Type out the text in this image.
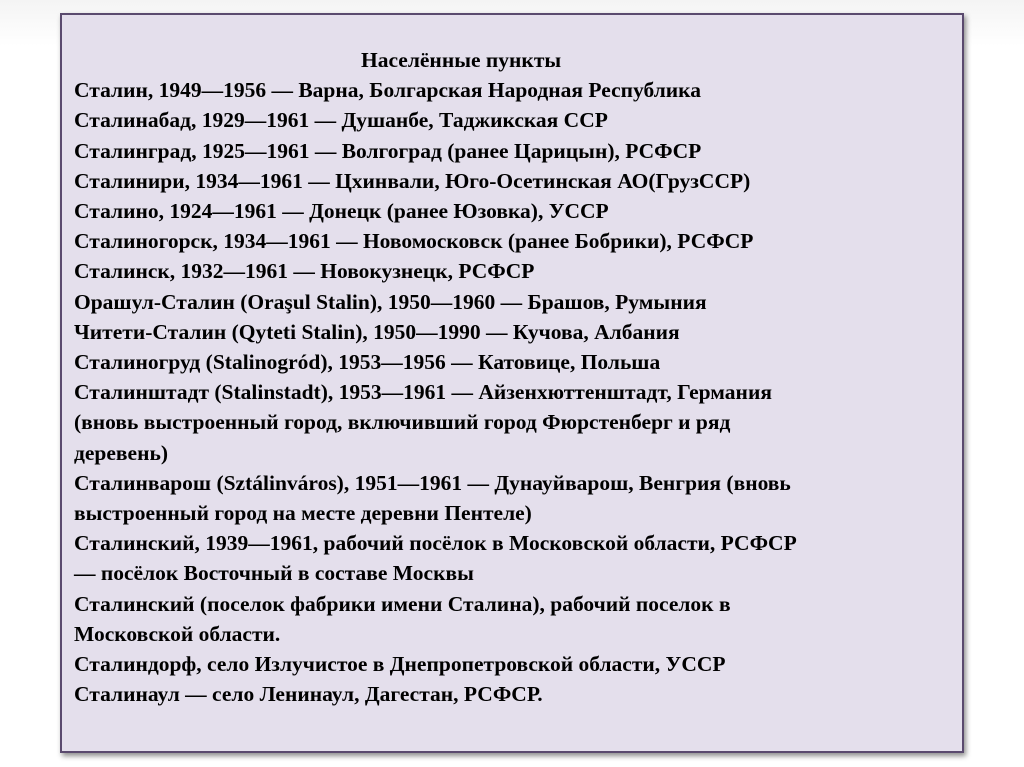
Населённые пункты
Сталин, 1949—1956 — Варна, Болгарская Народная Республика
Сталинабад, 1929—1961 — Душанбе, Таджикская ССР
Сталинград, 1925—1961 — Волгоград (ранее Царицын), РСФСР
Сталинири, 1934—1961 — Цхинвали, Юго-Осетинская АО(ГрузССР)
Сталино, 1924—1961 — Донецк (ранее Юзовка), УССР
Сталиногорск, 1934—1961 — Новомосковск (ранее Бобрики), РСФСР
Сталинск, 1932—1961 — Новокузнецк, РСФСР
Орашул-Сталин (Oraşul Stalin), 1950—1960 — Брашов, Румыния
Читети-Сталин (Qyteti Stalin), 1950—1990 — Кучова, Албания
Сталиногруд (Stalinogród), 1953—1956 — Катовице, Польша
Сталинштадт (Stalinstadt), 1953—1961 — Айзенхюттенштадт, Германия
(вновь выстроенный город, включивший город Фюрстенберг и ряд
деревень)
Сталинварош (Sztálinváros), 1951—1961 — Дунауйварош, Венгрия (вновь
выстроенный город на месте деревни Пентеле)
Сталинский, 1939—1961, рабочий посёлок в Московской области, РСФСР
— посёлок Восточный в составе Москвы
Сталинский (поселок фабрики имени Сталина), рабочий поселок в
Московской области.
Сталиндорф, село Излучистое в Днепропетровской области, УССР
Сталинаул — село Ленинаул, Дагестан, РСФСР.
